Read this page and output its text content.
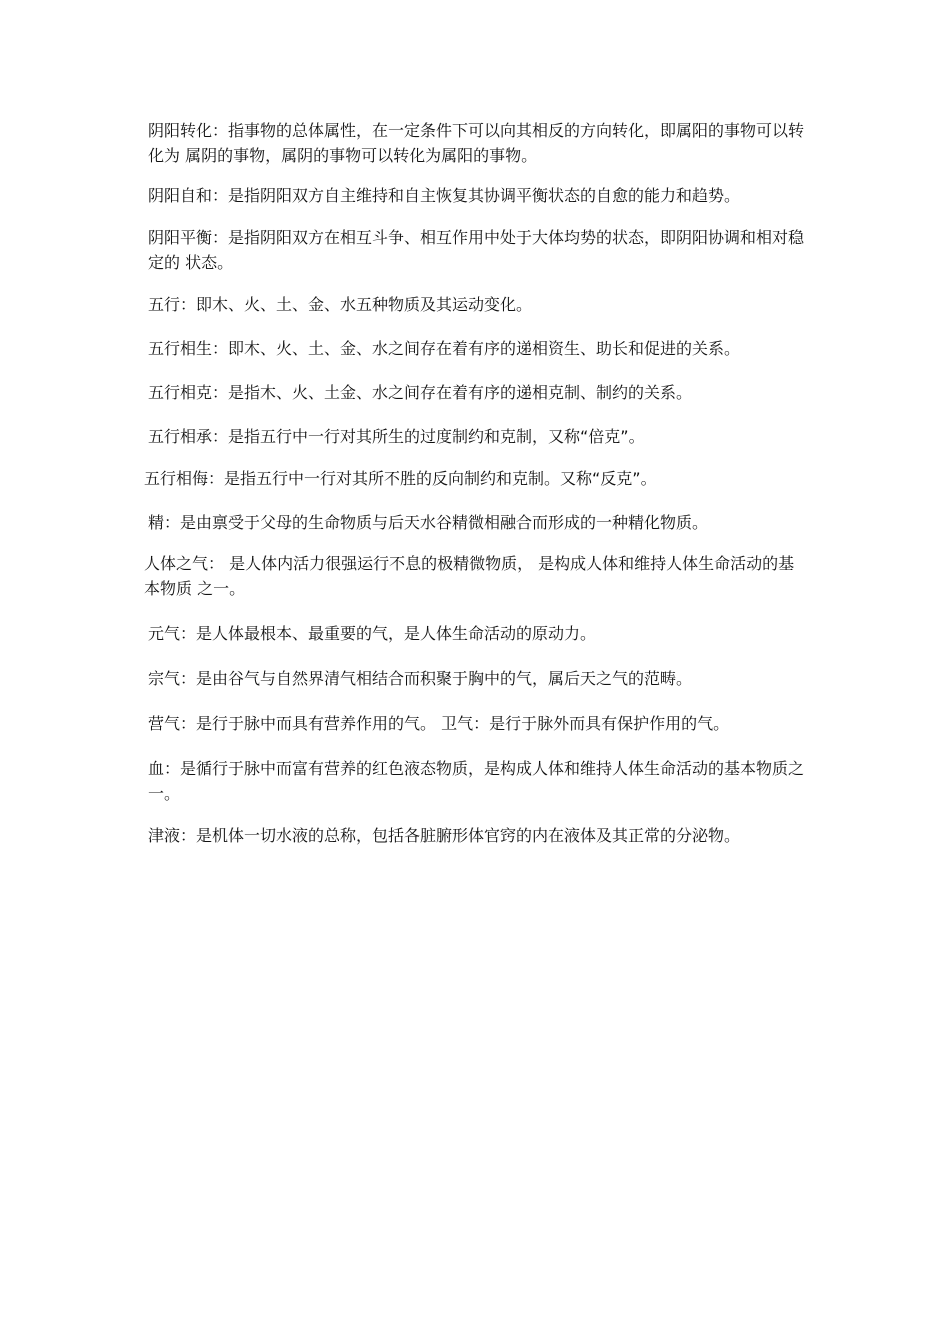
阴阳转化：指事物的总体属性，在一定条件下可以向其相反的方向转化，即属阳的事物可以转化为 属阴的事物，属阴的事物可以转化为属阳的事物。

阴阳自和：是指阴阳双方自主维持和自主恢复其协调平衡状态的自愈的能力和趋势。

阴阳平衡：是指阴阳双方在相互斗争、相互作用中处于大体均势的状态，即阴阳协调和相对稳定的 状态。

五行：即木、火、土、金、水五种物质及其运动变化。

五行相生：即木、火、土、金、水之间存在着有序的递相资生、助长和促进的关系。

五行相克：是指木、火、土金、水之间存在着有序的递相克制、制约的关系。

五行相承：是指五行中一行对其所生的过度制约和克制，又称“倍克”。

五行相侮：是指五行中一行对其所不胜的反向制约和克制。又称“反克”。

精：是由禀受于父母的生命物质与后天水谷精微相融合而形成的一种精化物质。

人体之气： 是人体内活力很强运行不息的极精微物质， 是构成人体和维持人体生命活动的基本物质 之一。

元气：是人体最根本、最重要的气，是人体生命活动的原动力。

宗气：是由谷气与自然界清气相结合而积聚于胸中的气，属后天之气的范畴。

营气：是行于脉中而具有营养作用的气。 卫气：是行于脉外而具有保护作用的气。

血：是循行于脉中而富有营养的红色液态物质，是构成人体和维持人体生命活动的基本物质之一。

津液：是机体一切水液的总称，包括各脏腑形体官窍的内在液体及其正常的分泌物。
